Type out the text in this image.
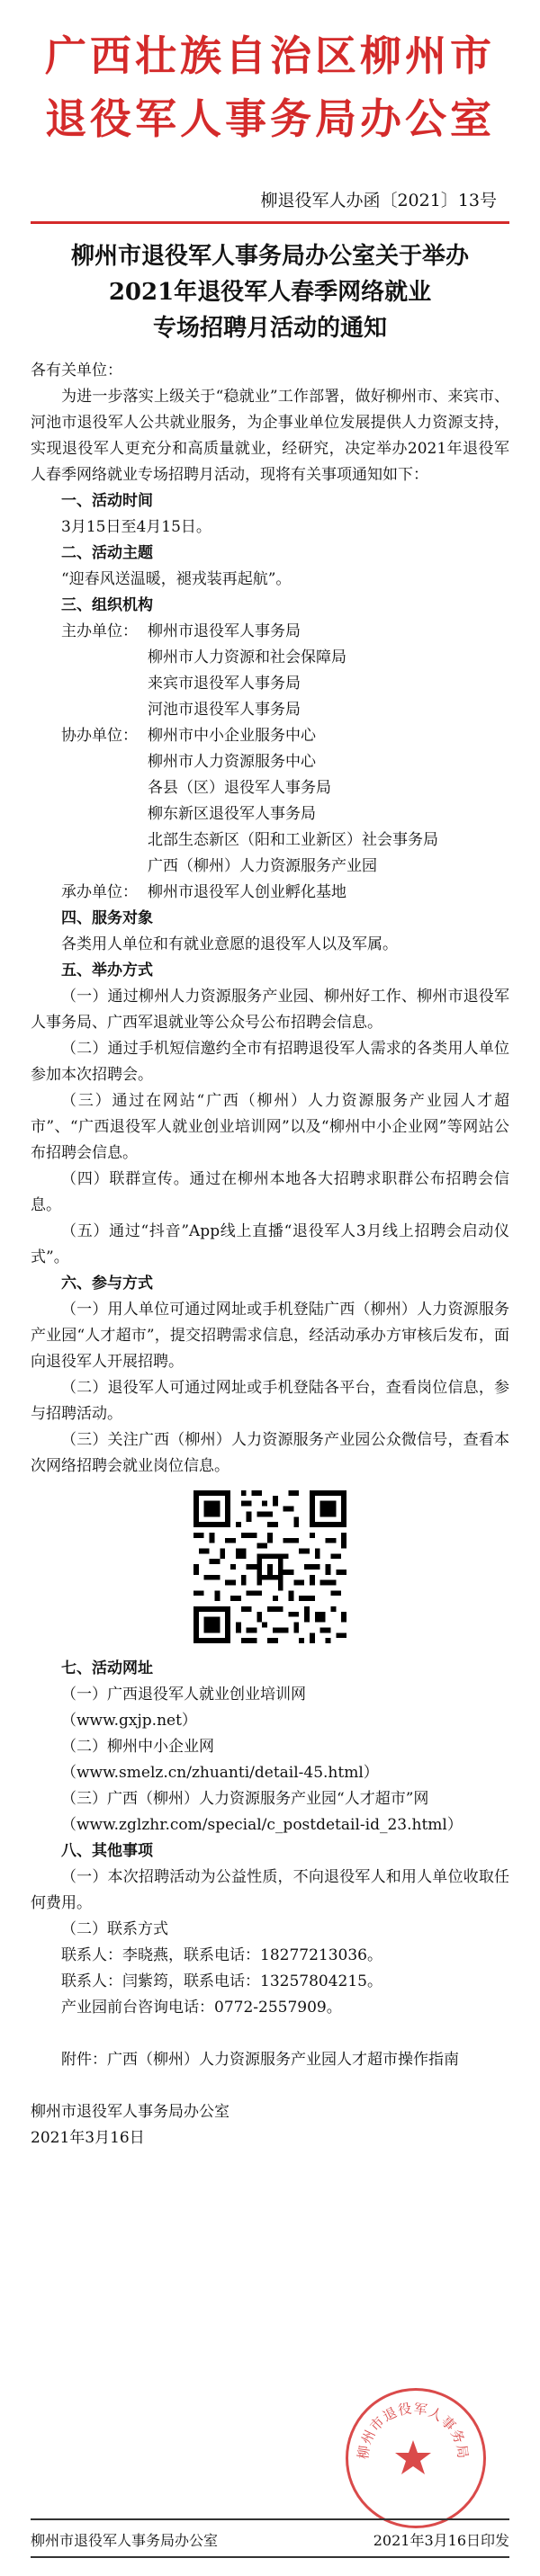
广西壮族自治区柳州市
退役军人事务局办公室
柳退役军人办函〔2021〕13号
柳州市退役军人事务局办公室关于举办
2021年退役军人春季网络就业
专场招聘月活动的通知

各有关单位：

为进一步落实上级关于“稳就业”工作部署，做好柳州市、来宾市、河池市退役军人公共就业服务，为企事业单位发展提供人力资源支持，实现退役军人更充分和高质量就业，经研究，决定举办2021年退役军人春季网络就业专场招聘月活动，现将有关事项通知如下：

一、活动时间

3月15日至4月15日。

二、活动主题

“迎春风送温暖，褪戎装再起航”。

三、组织机构

主办单位： 柳州市退役军人事务局
柳州市人力资源和社会保障局
来宾市退役军人事务局
河池市退役军人事务局
协办单位： 柳州市中小企业服务中心
柳州市人力资源服务中心
各县（区）退役军人事务局
柳东新区退役军人事务局
北部生态新区（阳和工业新区）社会事务局
广西（柳州）人力资源服务产业园
承办单位： 柳州市退役军人创业孵化基地

四、服务对象

各类用人单位和有就业意愿的退役军人以及军属。

五、举办方式

（一）通过柳州人力资源服务产业园、柳州好工作、柳州市退役军人事务局、广西军退就业等公众号公布招聘会信息。

（二）通过手机短信邀约全市有招聘退役军人需求的各类用人单位参加本次招聘会。

（三）通过在网站“广西（柳州）人力资源服务产业园人才超市”、“广西退役军人就业创业培训网”以及“柳州中小企业网”等网站公布招聘会信息。

（四）联群宣传。通过在柳州本地各大招聘求职群公布招聘会信息。

（五）通过“抖音”App线上直播“退役军人3月线上招聘会启动仪式”。

六、参与方式

（一）用人单位可通过网址或手机登陆广西（柳州）人力资源服务产业园“人才超市”，提交招聘需求信息，经活动承办方审核后发布，面向退役军人开展招聘。

（二）退役军人可通过网址或手机登陆各平台，查看岗位信息，参与招聘活动。

（三）关注广西（柳州）人力资源服务产业园公众微信号，查看本次网络招聘会就业岗位信息。

七、活动网址

（一）广西退役军人就业创业培训网

（www.gxjp.net）

（二）柳州中小企业网

（www.smelz.cn/zhuanti/detail-45.html）

（三）广西（柳州）人力资源服务产业园“人才超市”网

（www.zglzhr.com/special/c_postdetail-id_23.html）

八、其他事项

（一）本次招聘活动为公益性质，不向退役军人和用人单位收取任何费用。

（二）联系方式

联系人：李晓燕，联系电话：18277213036。

联系人：闫紫筠，联系电话：13257804215。

产业园前台咨询电话：0772-2557909。

附件：广西（柳州）人力资源服务产业园人才超市操作指南

柳州市退役军人事务局办公室

2021年3月16日

柳州市退役军人事务局
柳州市退役军人事务局办公室	2021年3月16日印发
